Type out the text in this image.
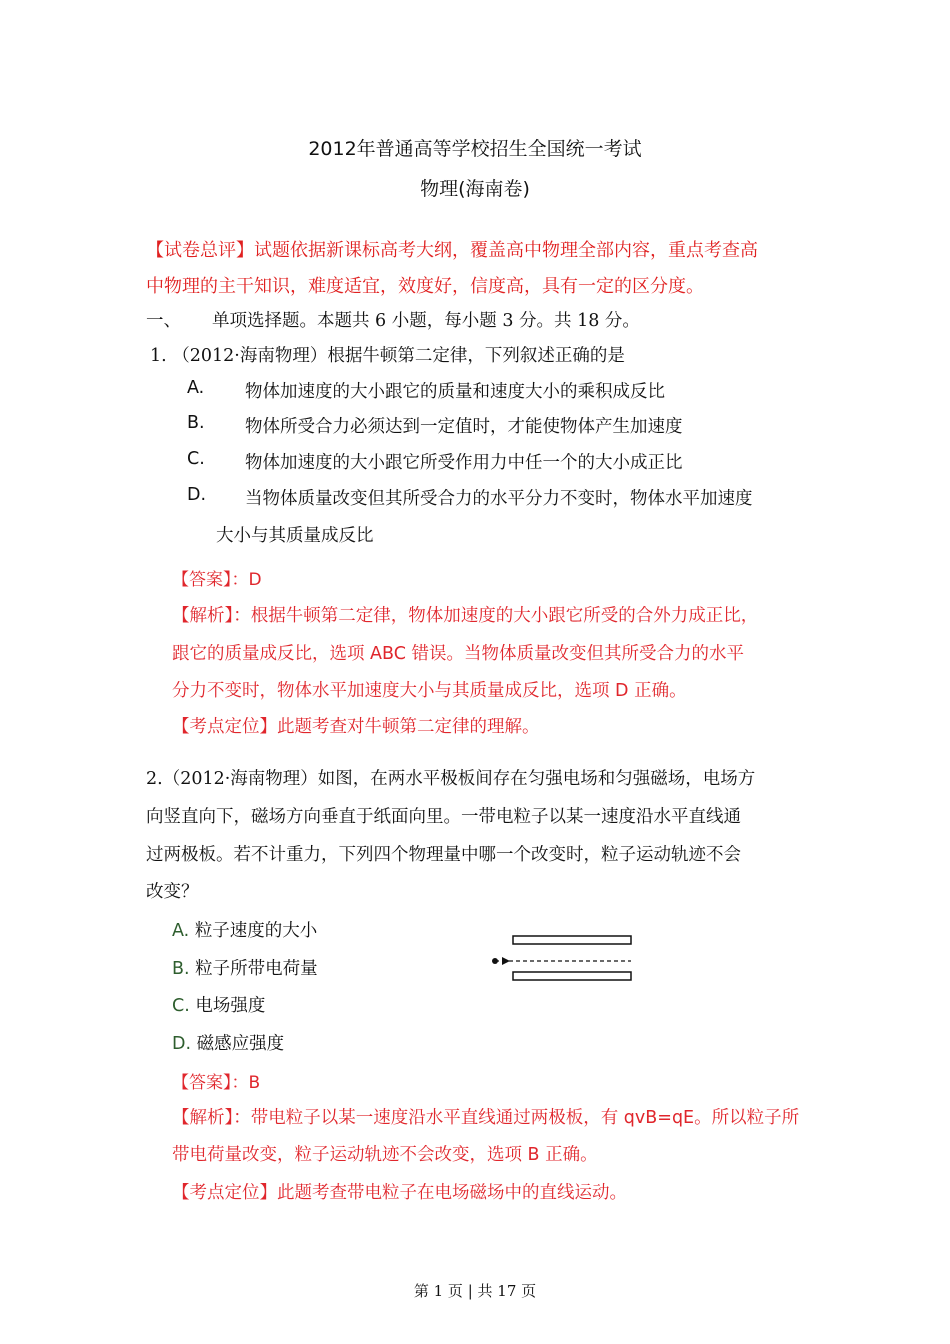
2012年普通高等学校招生全国统一考试
物理(海南卷)
【试卷总评】试题依据新课标高考大纲，覆盖高中物理全部内容，重点考查高
中物理的主干知识，难度适宜，效度好，信度高，具有一定的区分度。
一、 单项选择题。本题共 6 小题，每小题 3 分。共 18 分。
1. （2012·海南物理）根据牛顿第二定律，下列叙述正确的是
A. 物体加速度的大小跟它的质量和速度大小的乘积成反比
B. 物体所受合力必须达到一定值时，才能使物体产生加速度
C. 物体加速度的大小跟它所受作用力中任一个的大小成正比
D. 当物体质量改变但其所受合力的水平分力不变时，物体水平加速度
大小与其质量成反比
【答案】：D
【解析】：根据牛顿第二定律，物体加速度的大小跟它所受的合外力成正比，
跟它的质量成反比，选项 ABC 错误。当物体质量改变但其所受合力的水平
分力不变时，物体水平加速度大小与其质量成反比，选项 D 正确。
【考点定位】此题考查对牛顿第二定律的理解。
2.（2012·海南物理）如图，在两水平极板间存在匀强电场和匀强磁场，电场方
向竖直向下，磁场方向垂直于纸面向里。一带电粒子以某一速度沿水平直线通
过两极板。若不计重力，下列四个物理量中哪一个改变时，粒子运动轨迹不会
改变？
A. 粒子速度的大小
B. 粒子所带电荷量
C. 电场强度
D. 磁感应强度
【答案】：B
【解析】：带电粒子以某一速度沿水平直线通过两极板，有 qvB=qE。所以粒子所
带电荷量改变，粒子运动轨迹不会改变，选项 B 正确。
【考点定位】此题考查带电粒子在电场磁场中的直线运动。
第 1 页 | 共 17 页
